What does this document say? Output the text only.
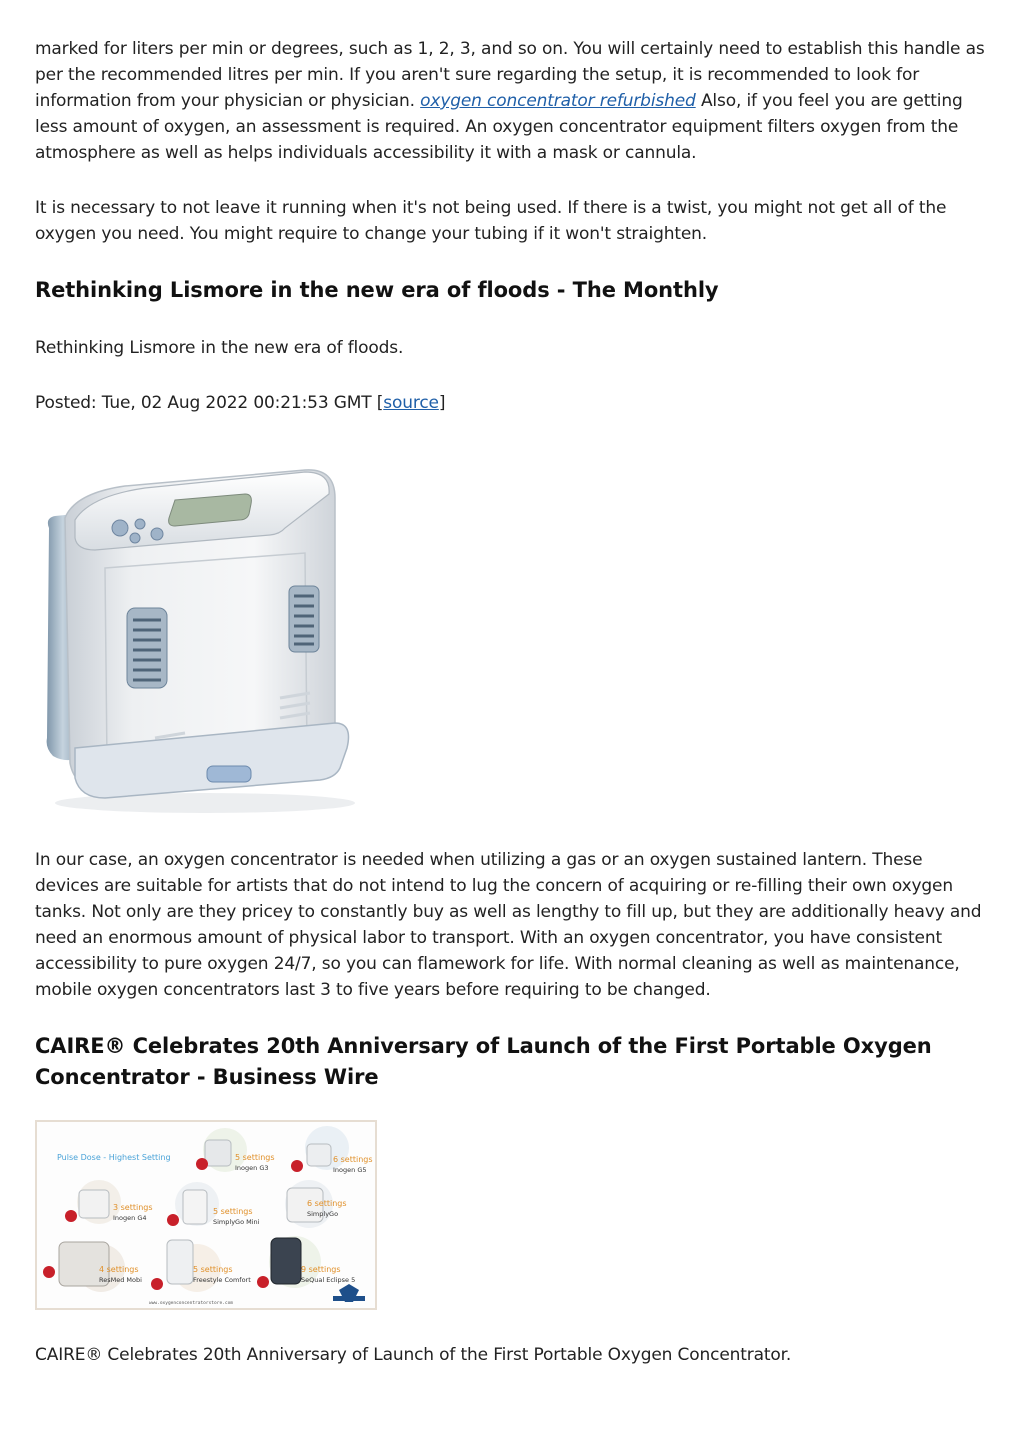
marked for liters per min or degrees, such as 1, 2, 3, and so on. You will certainly need to establish this handle as per the recommended litres per min. If you aren't sure regarding the setup, it is recommended to look for information from your physician or physician. oxygen concentrator refurbished Also, if you feel you are getting less amount of oxygen, an assessment is required. An oxygen concentrator equipment filters oxygen from the atmosphere as well as helps individuals accessibility it with a mask or cannula.

It is necessary to not leave it running when it's not being used. If there is a twist, you might not get all of the oxygen you need. You might require to change your tubing if it won't straighten.

Rethinking Lismore in the new era of floods - The Monthly

Rethinking Lismore in the new era of floods.

Posted: Tue, 02 Aug 2022 00:21:53 GMT [source]

In our case, an oxygen concentrator is needed when utilizing a gas or an oxygen sustained lantern. These devices are suitable for artists that do not intend to lug the concern of acquiring or re-filling their own oxygen tanks. Not only are they pricey to constantly buy as well as lengthy to fill up, but they are additionally heavy and need an enormous amount of physical labor to transport. With an oxygen concentrator, you have consistent accessibility to pure oxygen 24/7, so you can flamework for life. With normal cleaning as well as maintenance, mobile oxygen concentrators last 3 to five years before requiring to be changed.

CAIRE® Celebrates 20th Anniversary of Launch of the First Portable Oxygen Concentrator - Business Wire
Pulse Dose - Highest Setting	5 settings
Inogen G3
6 settings
Inogen G5
3 settings
Inogen G4
5 settings
SimplyGo Mini
6 settings
SimplyGo
4 settings
ResMed Mobi
5 settings
Freestyle Comfort
9 settings
SeQual Eclipse 5
www.oxygenconcentratorstore.com

CAIRE® Celebrates 20th Anniversary of Launch of the First Portable Oxygen Concentrator.
